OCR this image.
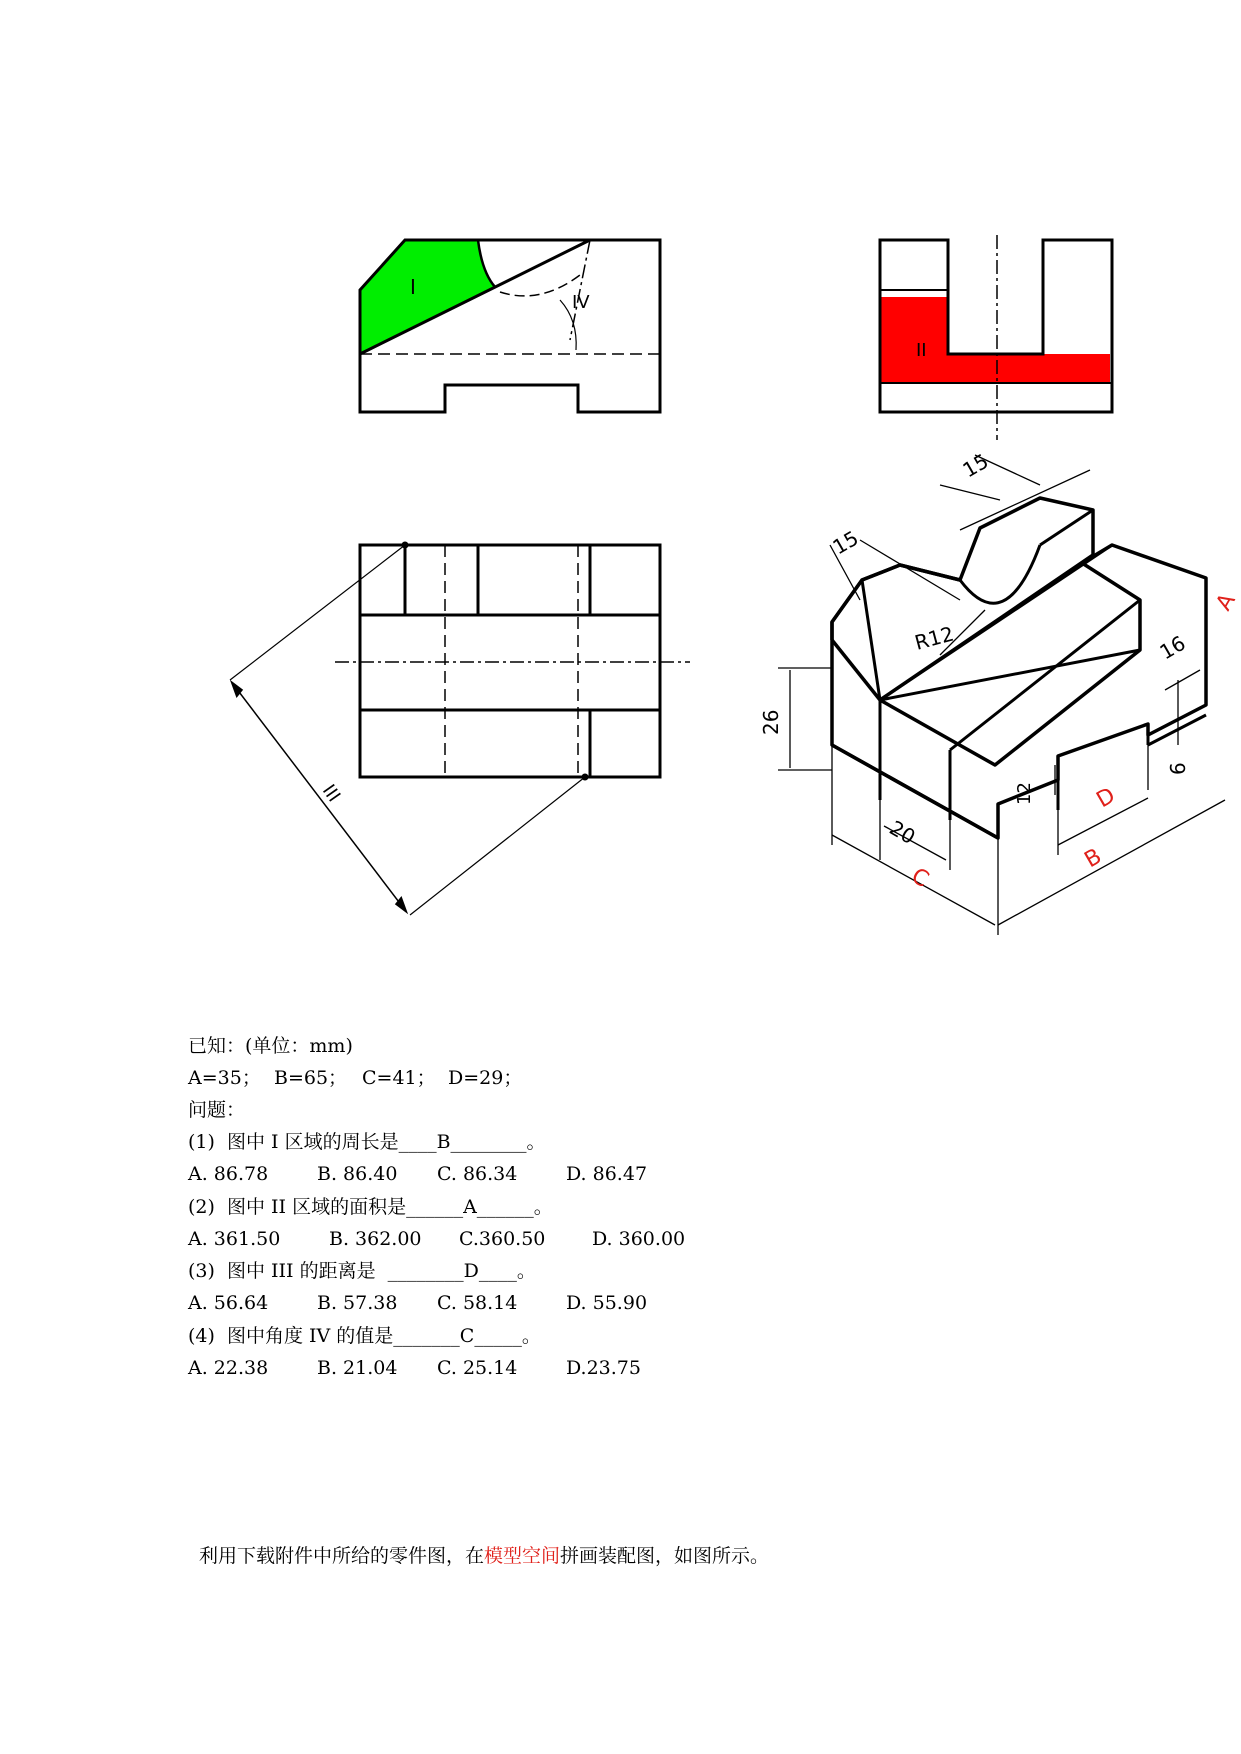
I
IV
II
III
15
15
R12
26
16
6
12
20
A
B
C
D
已知：(单位：mm)
A=35； B=65； C=41； D=29；
问题：
(1)  图中 I 区域的周长是____B________。
A. 86.78	B. 86.40 C. 86.34	D. 86.47
(2)  图中 II 区域的面积是______A______。
A. 361.50	B. 362.00 C.360.50 D. 360.00
(3)  图中 III 的距离是  ________D____。
A. 56.64	B. 57.38 C. 58.14	D. 55.90
(4)  图中角度 IV 的值是_______C_____。
A. 22.38	B. 21.04 C. 25.14	D.23.75
利用下载附件中所给的零件图，在模型空间拼画装配图，如图所示。
